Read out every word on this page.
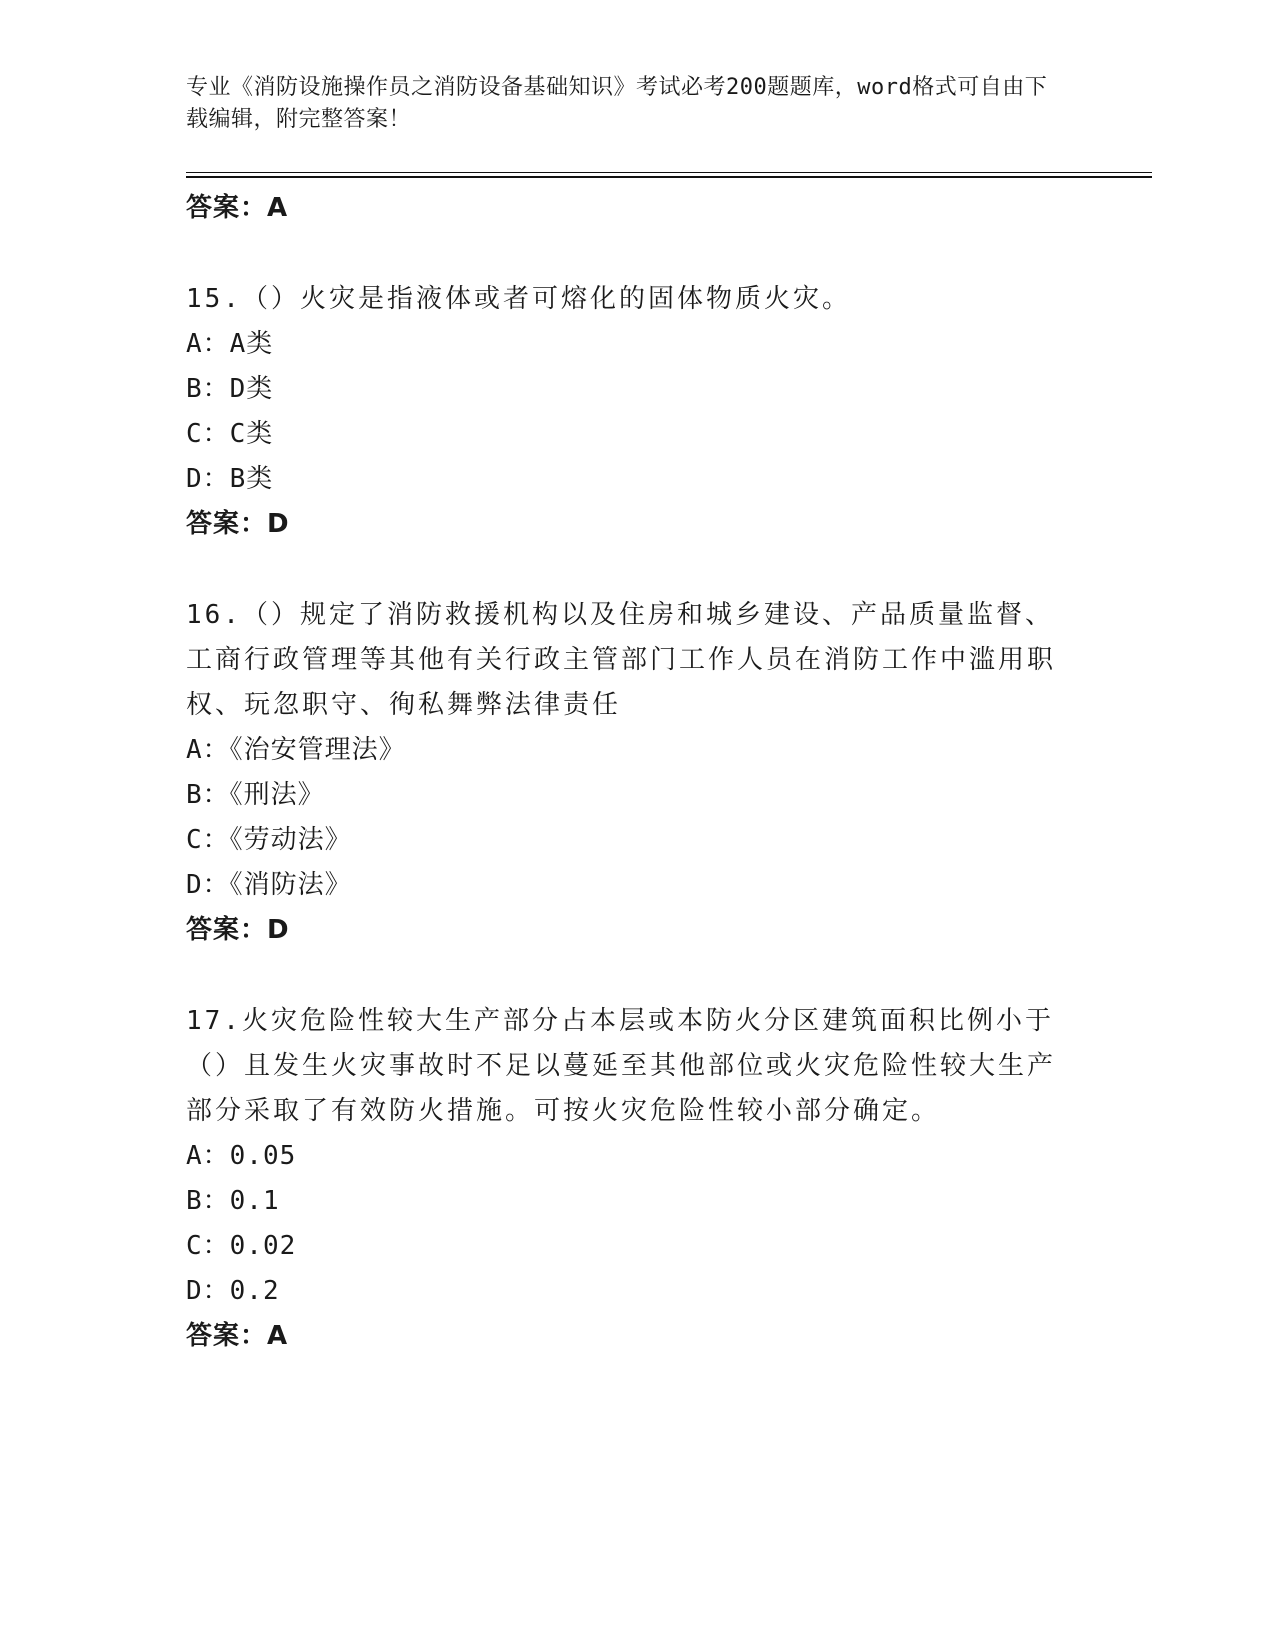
专业《消防设施操作员之消防设备基础知识》考试必考200题题库，word格式可自由下载编辑，附完整答案！
答案：A
15.（）火灾是指液体或者可熔化的固体物质火灾。
A：A类
B：D类
C：C类
D：B类
答案：D
16.（）规定了消防救援机构以及住房和城乡建设、产品质量监督、工商行政管理等其他有关行政主管部门工作人员在消防工作中滥用职权、玩忽职守、徇私舞弊法律责任
A：《治安管理法》
B：《刑法》
C：《劳动法》
D：《消防法》
答案：D
17.火灾危险性较大生产部分占本层或本防火分区建筑面积比例小于（）且发生火灾事故时不足以蔓延至其他部位或火灾危险性较大生产部分采取了有效防火措施。可按火灾危险性较小部分确定。
A：0.05
B：0.1
C：0.02
D：0.2
答案：A
